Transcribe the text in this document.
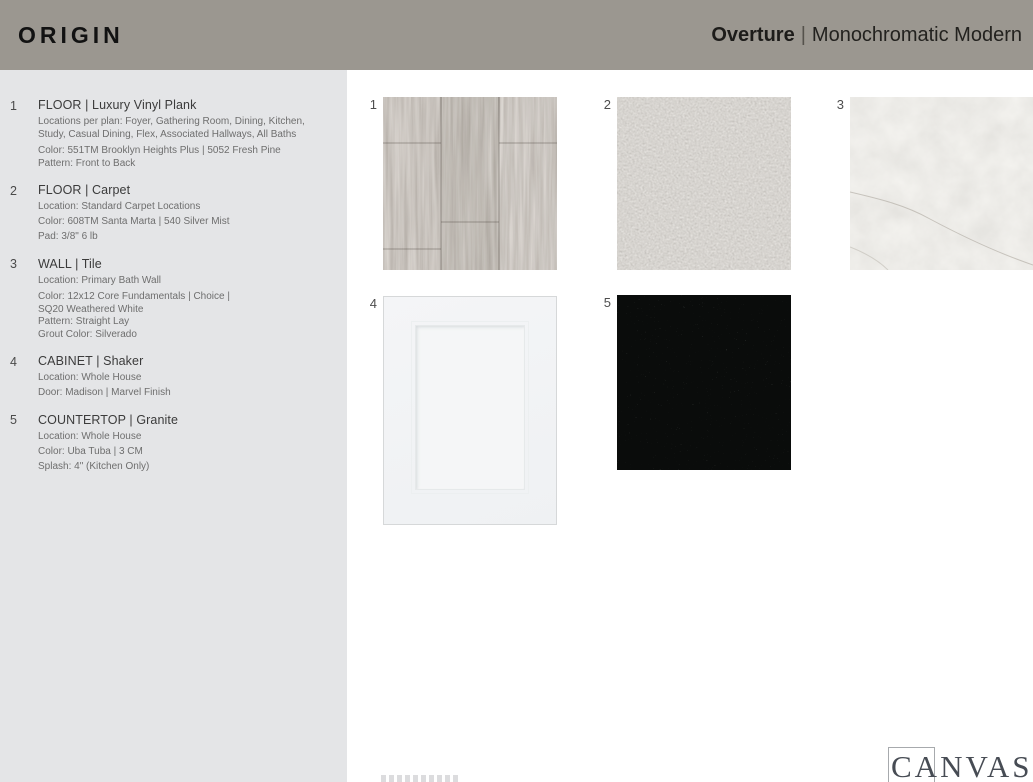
ORIGIN	Overture | Monochromatic Modern
1	FLOOR | Luxury Vinyl Plank
Locations per plan: Foyer, Gathering Room, Dining, Kitchen, Study, Casual Dining, Flex, Associated Hallways, All Baths
Color: 551TM Brooklyn Heights Plus | 5052 Fresh Pine
Pattern: Front to Back
2	FLOOR | Carpet
Location: Standard Carpet Locations
Color: 608TM Santa Marta | 540 Silver Mist
Pad: 3/8" 6 lb
3	WALL | Tile
Location: Primary Bath Wall
Color: 12x12 Core Fundamentals | Choice |
SQ20 Weathered White
Pattern: Straight Lay
Grout Color: Silverado
4	CABINET | Shaker
Location: Whole House
Door: Madison | Marvel Finish
5	COUNTERTOP | Granite
Location: Whole House
Color: Uba Tuba | 3 CM
Splash: 4" (Kitchen Only)
1	2	3
4	5
CANVAS
